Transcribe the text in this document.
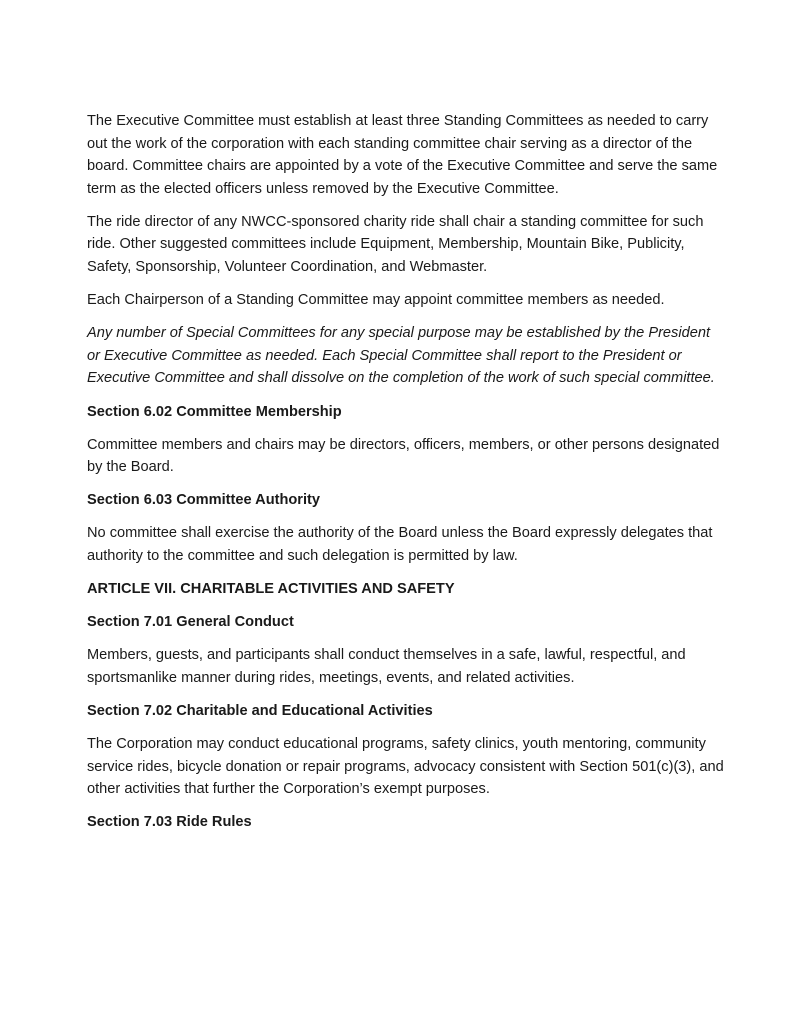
The Executive Committee must establish at least three Standing Committees as needed to carry out the work of the corporation with each standing committee chair serving as a director of the board. Committee chairs are appointed by a vote of the Executive Committee and serve the same term as the elected officers unless removed by the Executive Committee.

The ride director of any NWCC-sponsored charity ride shall chair a standing committee for such ride. Other suggested committees include Equipment, Membership, Mountain Bike, Publicity, Safety, Sponsorship, Volunteer Coordination, and Webmaster.

Each Chairperson of a Standing Committee may appoint committee members as needed.

Any number of Special Committees for any special purpose may be established by the President or Executive Committee as needed. Each Special Committee shall report to the President or Executive Committee and shall dissolve on the completion of the work of such special committee.

Section 6.02 Committee Membership

Committee members and chairs may be directors, officers, members, or other persons designated by the Board.

Section 6.03 Committee Authority

No committee shall exercise the authority of the Board unless the Board expressly delegates that authority to the committee and such delegation is permitted by law.

ARTICLE VII. CHARITABLE ACTIVITIES AND SAFETY

Section 7.01 General Conduct

Members, guests, and participants shall conduct themselves in a safe, lawful, respectful, and sportsmanlike manner during rides, meetings, events, and related activities.

Section 7.02 Charitable and Educational Activities

The Corporation may conduct educational programs, safety clinics, youth mentoring, community service rides, bicycle donation or repair programs, advocacy consistent with Section 501(c)(3), and other activities that further the Corporation’s exempt purposes.

Section 7.03 Ride Rules
